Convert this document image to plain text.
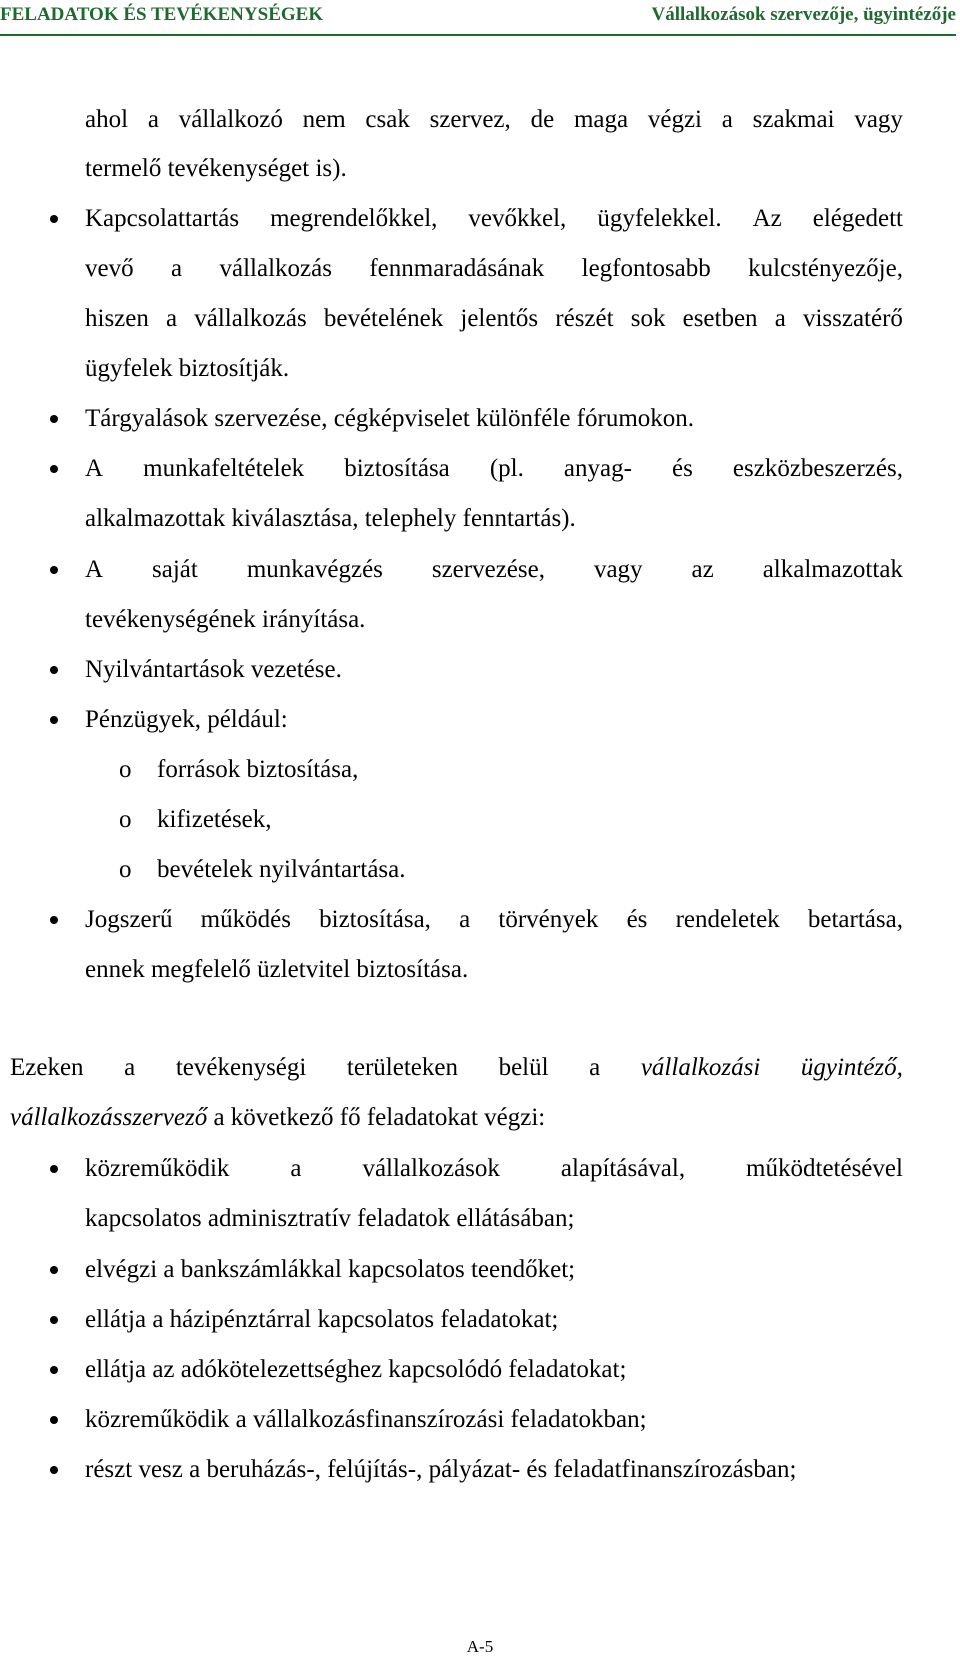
FELADATOK ÉS TEVÉKENYSÉGEK	Vállalkozások szervezője, ügyintézője
ahol a vállalkozó nem csak szervez, de maga végzi a szakmai vagy
termelő tevékenységet is).
Kapcsolattartás megrendelőkkel, vevőkkel, ügyfelekkel. Az elégedett
vevő a vállalkozás fennmaradásának legfontosabb kulcstényezője,
hiszen a vállalkozás bevételének jelentős részét sok esetben a visszatérő
ügyfelek biztosítják.
Tárgyalások szervezése, cégképviselet különféle fórumokon.
A munkafeltételek biztosítása (pl. anyag- és eszközbeszerzés,
alkalmazottak kiválasztása, telephely fenntartás).
A saját munkavégzés szervezése, vagy az alkalmazottak
tevékenységének irányítása.
Nyilvántartások vezetése.
Pénzügyek, például:
o források biztosítása,
o kifizetések,
o bevételek nyilvántartása.
Jogszerű működés biztosítása, a törvények és rendeletek betartása,
ennek megfelelő üzletvitel biztosítása.
Ezeken a tevékenységi területeken belül a vállalkozási ügyintéző,
vállalkozásszervező a következő fő feladatokat végzi:
közreműködik a vállalkozások alapításával, működtetésével
kapcsolatos adminisztratív feladatok ellátásában;
elvégzi a bankszámlákkal kapcsolatos teendőket;
ellátja a házipénztárral kapcsolatos feladatokat;
ellátja az adókötelezettséghez kapcsolódó feladatokat;
közreműködik a vállalkozásfinanszírozási feladatokban;
részt vesz a beruházás-, felújítás-, pályázat- és feladatfinanszírozásban;
A-5
